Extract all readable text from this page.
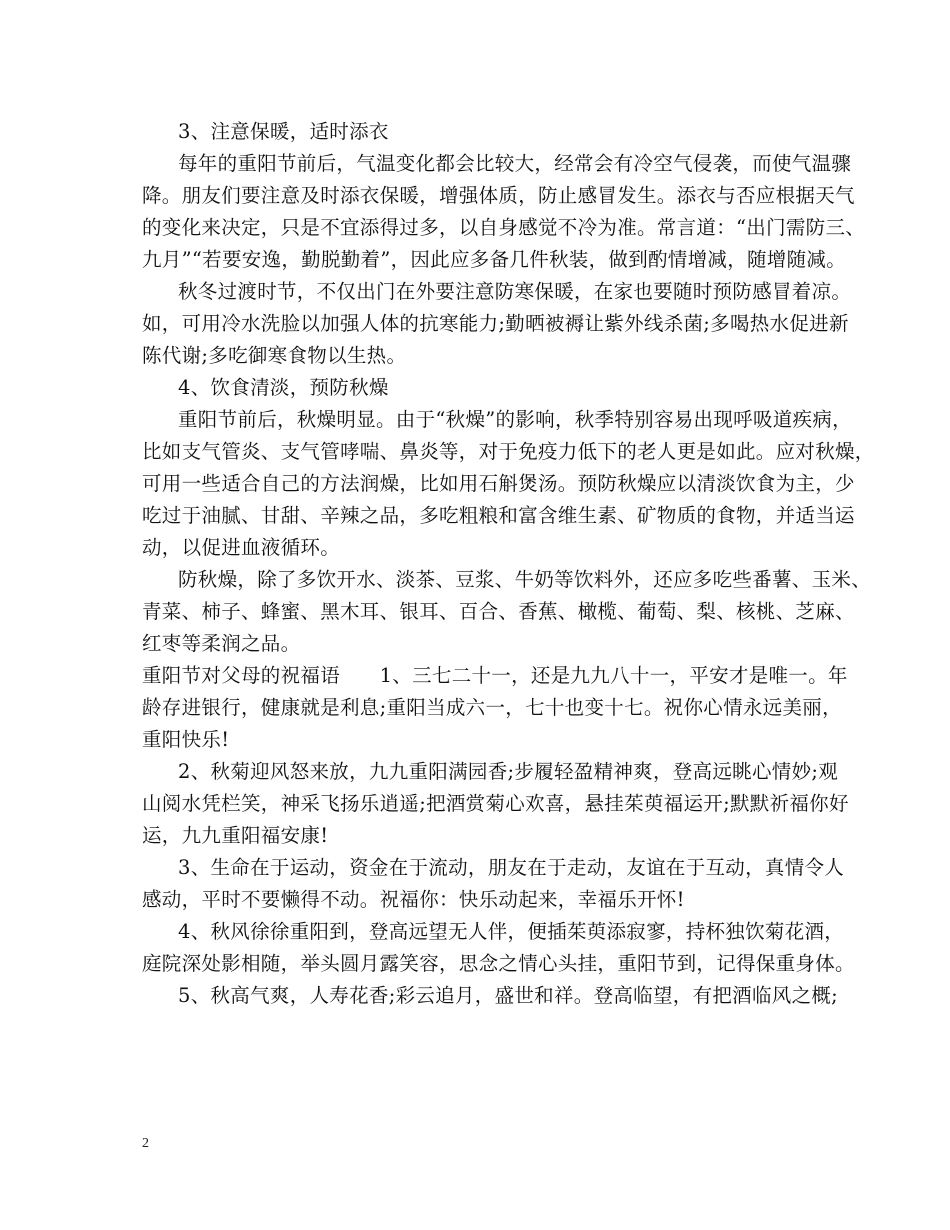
3、注意保暖，适时添衣
每年的重阳节前后，气温变化都会比较大，经常会有冷空气侵袭，而使气温骤
降。朋友们要注意及时添衣保暖，增强体质，防止感冒发生。添衣与否应根据天气
的变化来决定，只是不宜添得过多，以自身感觉不冷为准。常言道：“出门需防三、
九月”“若要安逸，勤脱勤着”，因此应多备几件秋装，做到酌情增减，随增随减。
秋冬过渡时节，不仅出门在外要注意防寒保暖，在家也要随时预防感冒着凉。
如，可用冷水洗脸以加强人体的抗寒能力;勤晒被褥让紫外线杀菌;多喝热水促进新
陈代谢;多吃御寒食物以生热。
4、饮食清淡，预防秋燥
重阳节前后，秋燥明显。由于“秋燥”的影响，秋季特别容易出现呼吸道疾病，
比如支气管炎、支气管哮喘、鼻炎等，对于免疫力低下的老人更是如此。应对秋燥，
可用一些适合自己的方法润燥，比如用石斛煲汤。预防秋燥应以清淡饮食为主，少
吃过于油腻、甘甜、辛辣之品，多吃粗粮和富含维生素、矿物质的食物，并适当运
动，以促进血液循环。
防秋燥，除了多饮开水、淡茶、豆浆、牛奶等饮料外，还应多吃些番薯、玉米、
青菜、柿子、蜂蜜、黑木耳、银耳、百合、香蕉、橄榄、葡萄、梨、核桃、芝麻、
红枣等柔润之品。
重阳节对父母的祝福语　　1、三七二十一，还是九九八十一，平安才是唯一。年
龄存进银行，健康就是利息;重阳当成六一，七十也变十七。祝你心情永远美丽，
重阳快乐!
2、秋菊迎风怒来放，九九重阳满园香;步履轻盈精神爽，登高远眺心情妙;观
山阅水凭栏笑，神采飞扬乐逍遥;把酒赏菊心欢喜，悬挂茱萸福运开;默默祈福你好
运，九九重阳福安康!
3、生命在于运动，资金在于流动，朋友在于走动，友谊在于互动，真情令人
感动，平时不要懒得不动。祝福你：快乐动起来，幸福乐开怀!
4、秋风徐徐重阳到，登高远望无人伴，便插茱萸添寂寥，持杯独饮菊花酒，
庭院深处影相随，举头圆月露笑容，思念之情心头挂，重阳节到，记得保重身体。
5、秋高气爽，人寿花香;彩云追月，盛世和祥。登高临望，有把酒临风之概;
2
